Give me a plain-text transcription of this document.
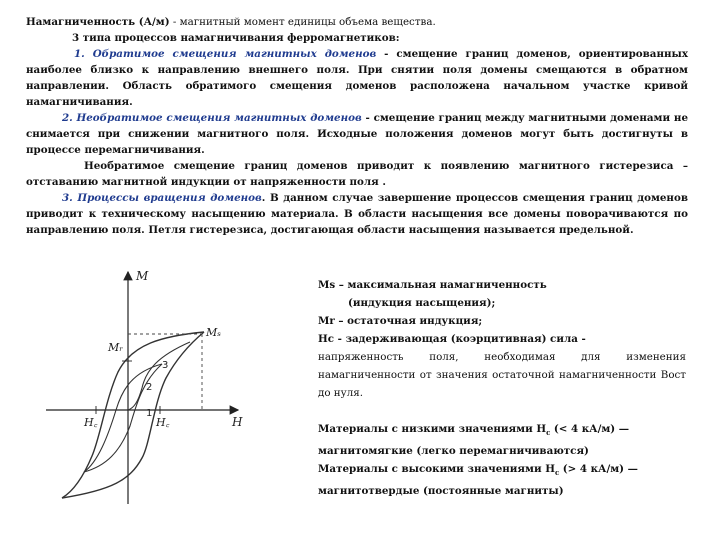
Намагниченность (А/м) - магнитный момент единицы объема вещества.

3 типа процессов намагничивания ферромагнетиков:

1. Обратимое смещения магнитных доменов - смещение границ доменов, ориентированных наиболее близко к направлению внешнего поля. При снятии поля домены смещаются в обратном направлении. Область обратимого смещения доменов расположена начальном участке кривой намагничивания.

2. Необратимое смещения магнитных доменов - смещение границ между магнитными доменами не снимается при снижении магнитного поля. Исходные положения доменов могут быть достигнуты в процессе перемагничивания.

Необратимое смещение границ доменов приводит к появлению магнитного гистерезиса – отставанию магнитной индукции от напряженности поля .

3. Процессы вращения доменов. В данном случае завершение процессов смещения границ доменов приводит к техническому насыщению материала. В области насыщения все домены поворачиваются по направлению поля. Петля гистерезиса, достигающая области насыщения называется предельной.

M
H
Mₛ
Mᵣ
H꜀	H꜀
1
2
3

Ms – максимальная намагниченность

(индукция насыщения);

Mr – остаточная индукция;

Hc - задерживающая (коэрцитивная) сила -

напряженность поля, необходимая для изменения намагниченности от значения остаточной намагниченности Вост до нуля.

Материалы с низкими значениями $H_c$ (< 4 кА/м) —

магнитомягкие (легко перемагничиваются)

Материалы с высокими значениями $H_c$ (> 4 кА/м) —

магнитотвердые (постоянные магниты)
